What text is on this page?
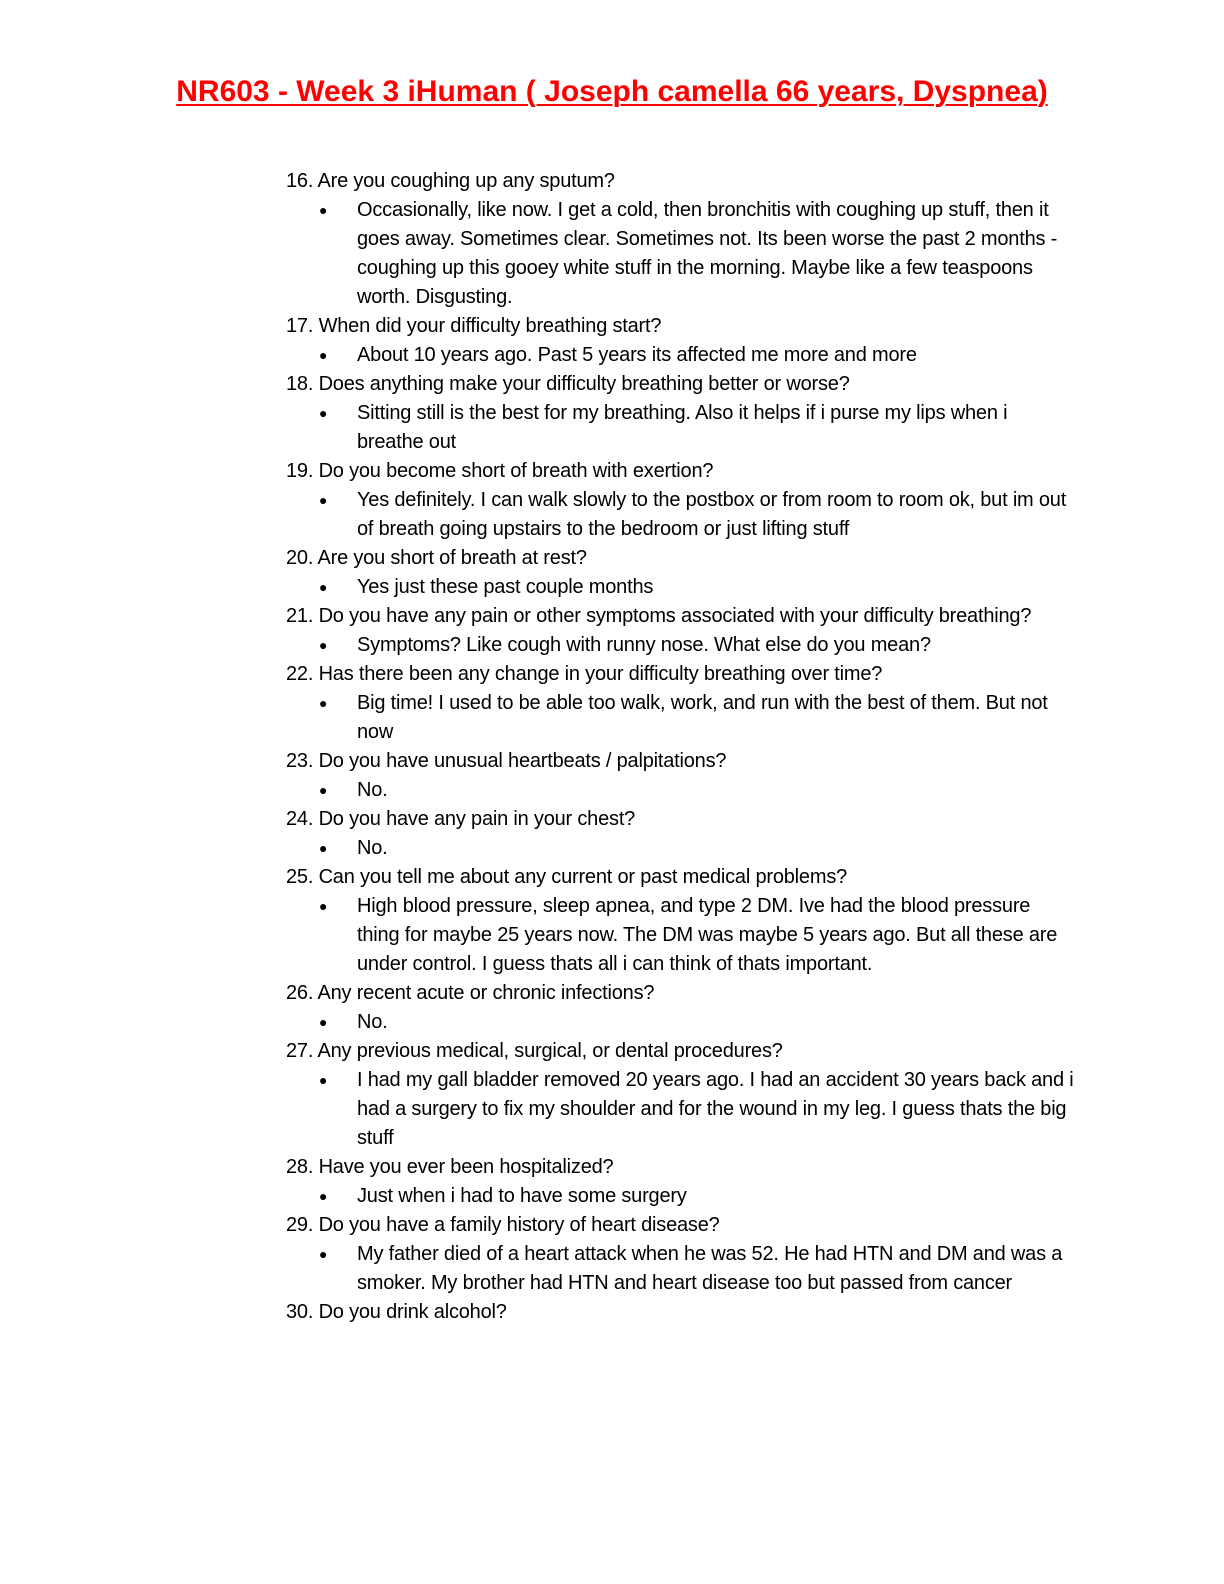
NR603 - Week 3 iHuman ( Joseph camella 66 years, Dyspnea)

16. Are you coughing up any sputum?

● Occasionally, like now. I get a cold, then bronchitis with coughing up stuff, then it goes away. Sometimes clear. Sometimes not. Its been worse the past 2 months - coughing up this gooey white stuff in the morning. Maybe like a few teaspoons worth. Disgusting.

17. When did your difficulty breathing start?

● About 10 years ago. Past 5 years its affected me more and more

18. Does anything make your difficulty breathing better or worse?

● Sitting still is the best for my breathing. Also it helps if i purse my lips when i breathe out

19. Do you become short of breath with exertion?

● Yes definitely. I can walk slowly to the postbox or from room to room ok, but im out of breath going upstairs to the bedroom or just lifting stuff

20. Are you short of breath at rest?

● Yes just these past couple months

21. Do you have any pain or other symptoms associated with your difficulty breathing?

● Symptoms? Like cough with runny nose. What else do you mean?

22. Has there been any change in your difficulty breathing over time?

● Big time! I used to be able too walk, work, and run with the best of them. But not now

23. Do you have unusual heartbeats / palpitations?

● No.

24. Do you have any pain in your chest?

● No.

25. Can you tell me about any current or past medical problems?

● High blood pressure, sleep apnea, and type 2 DM. Ive had the blood pressure thing for maybe 25 years now. The DM was maybe 5 years ago. But all these are under control. I guess thats all i can think of thats important.

26. Any recent acute or chronic infections?

● No.

27. Any previous medical, surgical, or dental procedures?

● I had my gall bladder removed 20 years ago. I had an accident 30 years back and i had a surgery to fix my shoulder and for the wound in my leg. I guess thats the big stuff

28. Have you ever been hospitalized?

● Just when i had to have some surgery

29. Do you have a family history of heart disease?

● My father died of a heart attack when he was 52. He had HTN and DM and was a smoker. My brother had HTN and heart disease too but passed from cancer

30. Do you drink alcohol?
